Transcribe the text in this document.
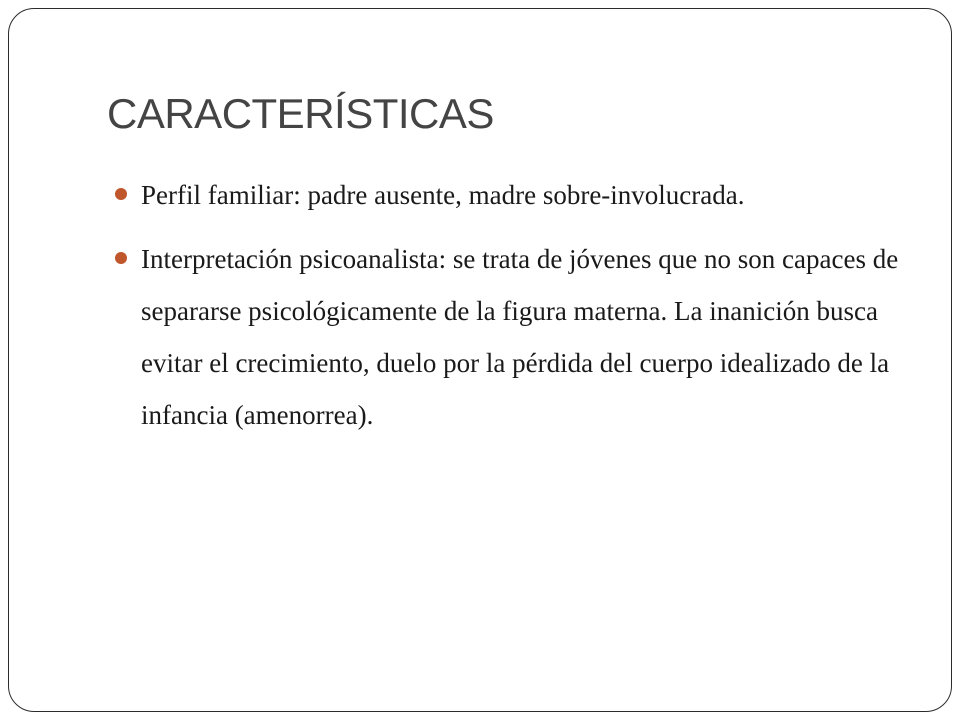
CARACTERÍSTICAS
Perfil familiar: padre ausente, madre sobre-involucrada.
Interpretación psicoanalista: se trata de jóvenes que no son capaces de separarse psicológicamente de la figura materna. La inanición busca evitar el crecimiento, duelo por la pérdida del cuerpo idealizado de la infancia (amenorrea).
